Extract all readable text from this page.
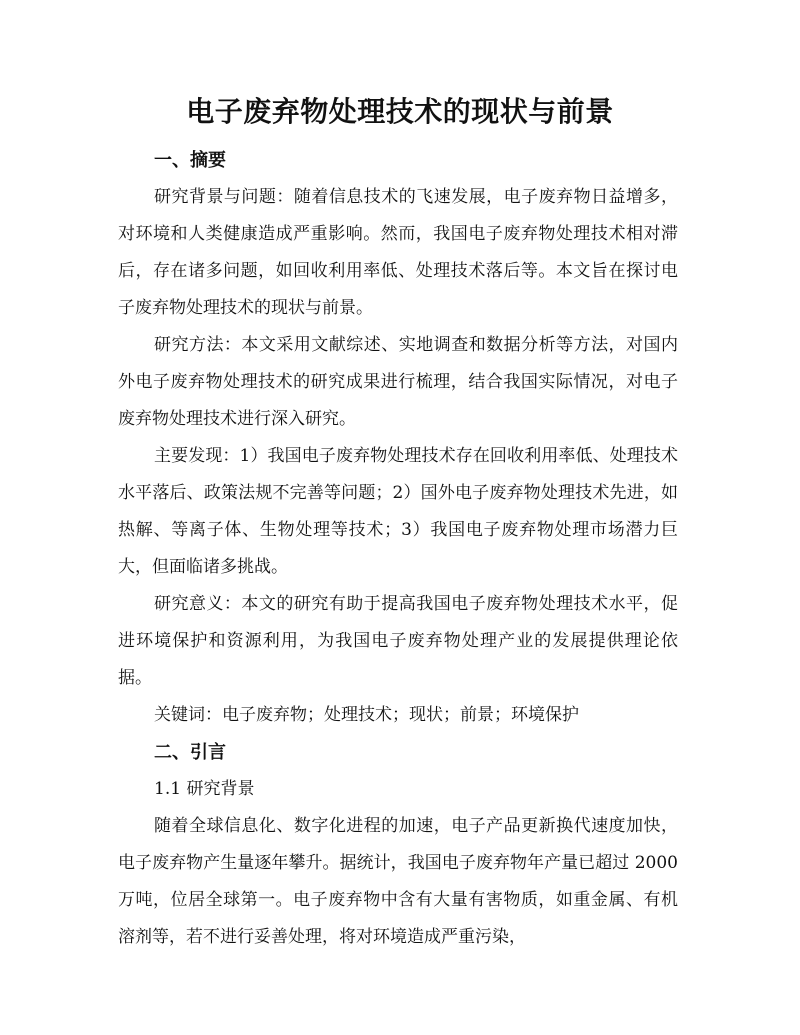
电子废弃物处理技术的现状与前景
一、摘要

研究背景与问题：随着信息技术的飞速发展，电子废弃物日益增多，对环境和人类健康造成严重影响。然而，我国电子废弃物处理技术相对滞后，存在诸多问题，如回收利用率低、处理技术落后等。本文旨在探讨电子废弃物处理技术的现状与前景。

研究方法：本文采用文献综述、实地调查和数据分析等方法，对国内外电子废弃物处理技术的研究成果进行梳理，结合我国实际情况，对电子废弃物处理技术进行深入研究。

主要发现：1）我国电子废弃物处理技术存在回收利用率低、处理技术水平落后、政策法规不完善等问题；2）国外电子废弃物处理技术先进，如热解、等离子体、生物处理等技术；3）我国电子废弃物处理市场潜力巨大，但面临诸多挑战。

研究意义：本文的研究有助于提高我国电子废弃物处理技术水平，促进环境保护和资源利用，为我国电子废弃物处理产业的发展提供理论依据。

关键词：电子废弃物；处理技术；现状；前景；环境保护
二、引言
1.1 研究背景

随着全球信息化、数字化进程的加速，电子产品更新换代速度加快，电子废弃物产生量逐年攀升。据统计，我国电子废弃物年产量已超过 2000 万吨，位居全球第一。电子废弃物中含有大量有害物质，如重金属、有机溶剂等，若不进行妥善处理，将对环境造成严重污染，
